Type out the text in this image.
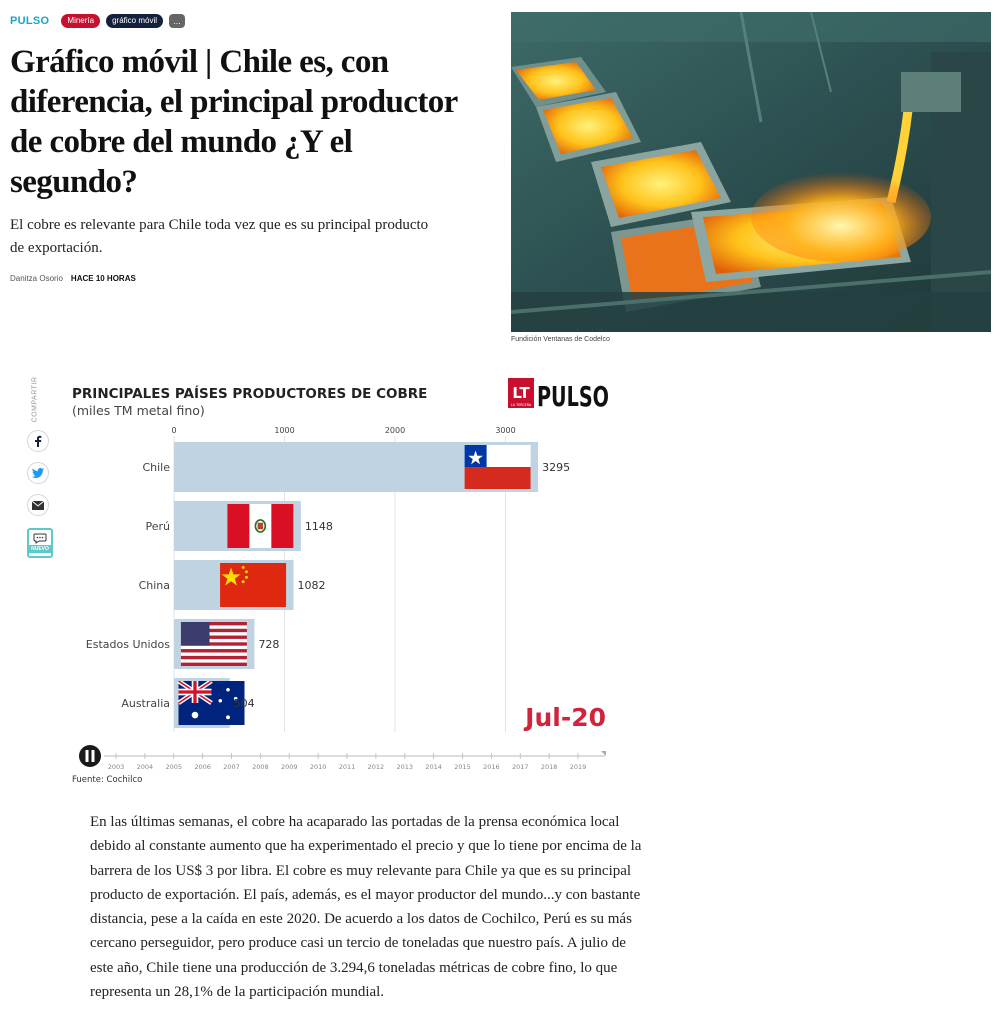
PULSO	Minería	gráfico móvil	...
Gráfico móvil | Chile es, con diferencia, el principal productor de cobre del mundo ¿Y el segundo?

El cobre es relevante para Chile toda vez que es su principal producto de exportación.

Danitza Osorio HACE 10 HORAS
Fundición Ventanas de Codelco
COMPARTIR
NUEVO
PRINCIPALES PAÍSES PRODUCTORES DE COBRE
(miles TM metal fino)
LT
LA TERCERA PULSO
0	1000	2000	3000
Chile	3295
Perú	1148
China	1082
Estados Unidos	728
Australia	504	Jul-20
2003 2004 2005 2006 2007 2008 2009 2010 2011 2012 2013 2014 2015 2016 2017 2018 2019
Fuente: Cochilco

En las últimas semanas, el cobre ha acaparado las portadas de la prensa económica local debido al constante aumento que ha experimentado el precio y que lo tiene por encima de la barrera de los US$ 3 por libra. El cobre es muy relevante para Chile ya que es su principal producto de exportación. El país, además, es el mayor productor del mundo...y con bastante distancia, pese a la caída en este 2020. De acuerdo a los datos de Cochilco, Perú es su más cercano perseguidor, pero produce casi un tercio de toneladas que nuestro país. A julio de este año, Chile tiene una producción de 3.294,6 toneladas métricas de cobre fino, lo que representa un 28,1% de la participación mundial.
